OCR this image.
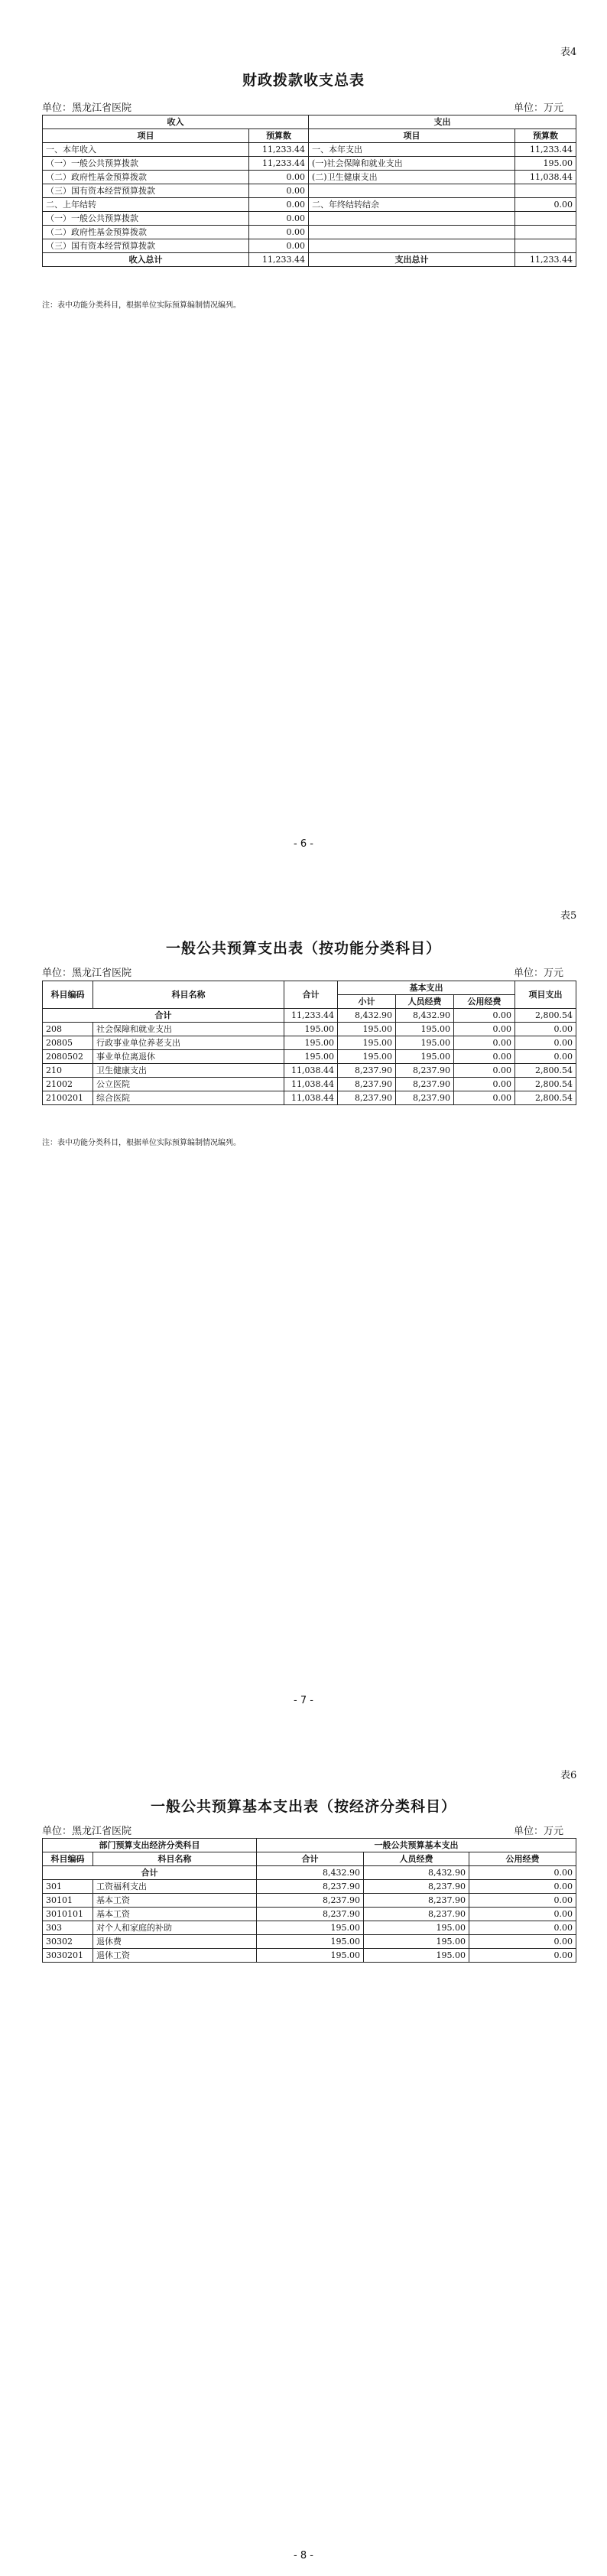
表4
财政拨款收支总表
单位：黑龙江省医院	单位：万元
收入		支出	
项目	预算数	项目	预算数
一、本年收入	11,233.44	一、本年支出	11,233.44
（一）一般公共预算拨款	11,233.44	(一)社会保障和就业支出	195.00
（二）政府性基金预算拨款	0.00	(二)卫生健康支出	11,038.44
（三）国有资本经营预算拨款	0.00		
二、上年结转	0.00	二、年终结转结余	0.00
（一）一般公共预算拨款	0.00		
（二）政府性基金预算拨款	0.00		
（三）国有资本经营预算拨款	0.00		
收入总计	11,233.44	支出总计	11,233.44
注：表中功能分类科目，根据单位实际预算编制情况编列。
- 6 -
表5
一般公共预算支出表（按功能分类科目）
单位：黑龙江省医院	单位：万元
科目编码	科目名称	合计	基本支出			项目支出
			小计	人员经费	公用经费	
合计		11,233.44	8,432.90	8,432.90	0.00	2,800.54
208	社会保障和就业支出	195.00	195.00	195.00	0.00	0.00
20805	行政事业单位养老支出	195.00	195.00	195.00	0.00	0.00
2080502	事业单位离退休	195.00	195.00	195.00	0.00	0.00
210	卫生健康支出	11,038.44	8,237.90	8,237.90	0.00	2,800.54
21002	公立医院	11,038.44	8,237.90	8,237.90	0.00	2,800.54
2100201	综合医院	11,038.44	8,237.90	8,237.90	0.00	2,800.54
注：表中功能分类科目，根据单位实际预算编制情况编列。
- 7 -
表6
一般公共预算基本支出表（按经济分类科目）
单位：黑龙江省医院	单位：万元
部门预算支出经济分类科目		一般公共预算基本支出		
科目编码	科目名称	合计	人员经费	公用经费
合计		8,432.90	8,432.90	0.00
301	工资福利支出	8,237.90	8,237.90	0.00
30101	基本工资	8,237.90	8,237.90	0.00
3010101	基本工资	8,237.90	8,237.90	0.00
303	对个人和家庭的补助	195.00	195.00	0.00
30302	退休费	195.00	195.00	0.00
3030201	退休工资	195.00	195.00	0.00
- 8 -
